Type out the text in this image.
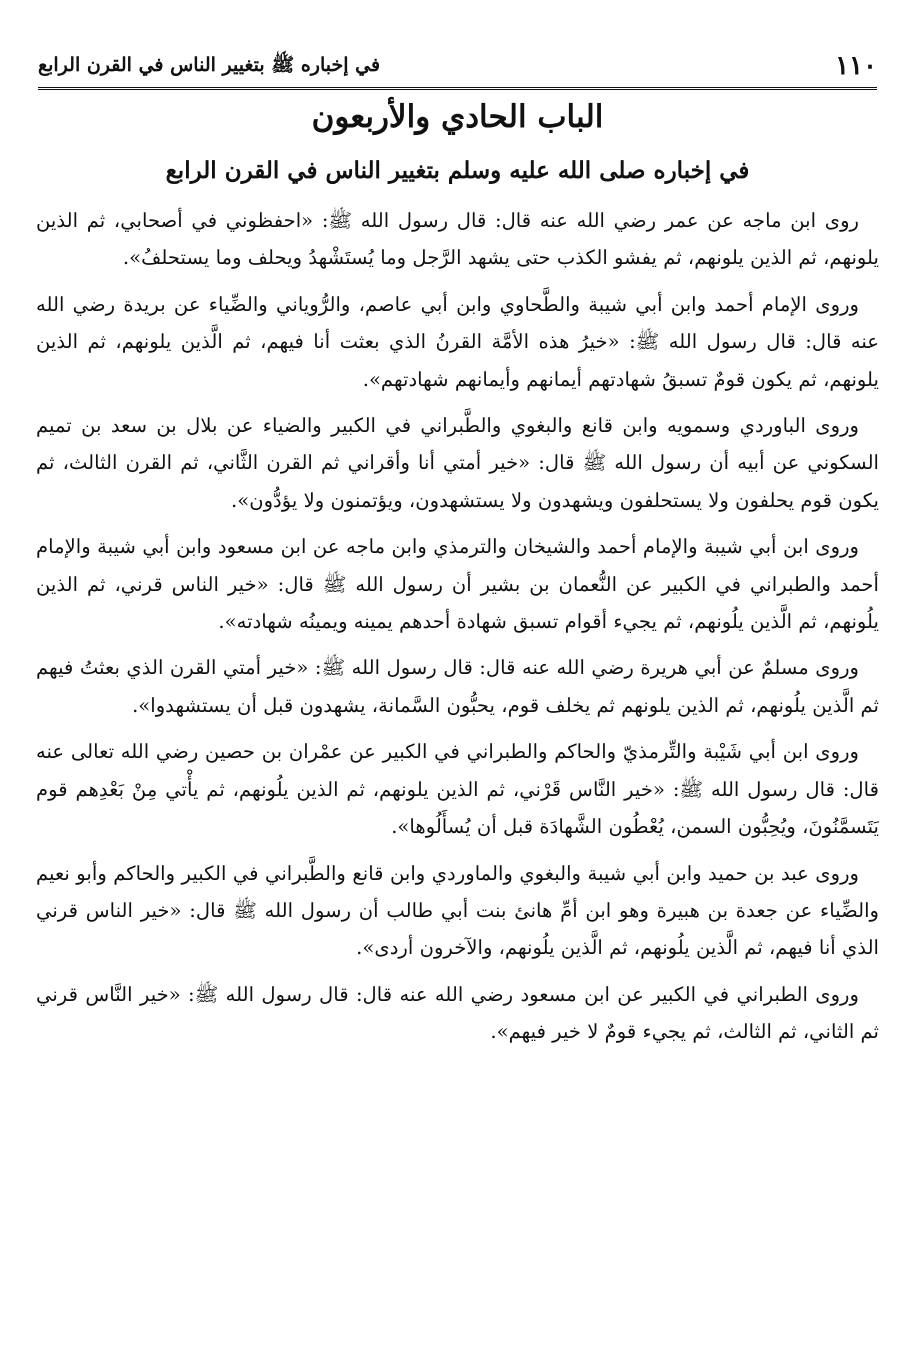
١١٠
في إخباره ﷺ بتغيير الناس في القرن الرابع
الباب الحادي والأربعون
في إخباره صلى الله عليه وسلم بتغيير الناس في القرن الرابع

روى ابن ماجه عن عمر رضي الله عنه قال: قال رسول الله ﷺ: «احفظوني في أصحابي، ثم الذين يلونهم، ثم الذين يلونهم، ثم يفشو الكذب حتى يشهد الرَّجل وما يُستَشْهدُ ويحلف وما يستحلفُ».

وروى الإمام أحمد وابن أبي شيبة والطَّحاوي وابن أبي عاصم، والرُّوياني والضِّياء عن بريدة رضي الله عنه قال: قال رسول الله ﷺ: «خيرُ هذه الأمَّة القرنُ الذي بعثت أنا فيهم، ثم الَّذين يلونهم، ثم الذين يلونهم، ثم يكون قومٌ تسبقُ شهادتهم أيمانهم وأيمانهم شهادتهم».

وروى الباوردي وسمويه وابن قانع والبغوي والطَّبراني في الكبير والضياء عن بلال بن سعد بن تميم السكوني عن أبيه أن رسول الله ﷺ قال: «خير أمتي أنا وأقراني ثم القرن الثَّاني، ثم القرن الثالث، ثم يكون قوم يحلفون ولا يستحلفون ويشهدون ولا يستشهدون، ويؤتمنون ولا يؤدُّون».

وروى ابن أبي شيبة والإمام أحمد والشيخان والترمذي وابن ماجه عن ابن مسعود وابن أبي شيبة والإمام أحمد والطبراني في الكبير عن النُّعمان بن بشير أن رسول الله ﷺ قال: «خير الناس قرني، ثم الذين يلُونهم، ثم الَّذين يلُونهم، ثم يجيء أقوام تسبق شهادة أحدهم يمينه ويمينُه شهادته».

وروى مسلمٌ عن أبي هريرة رضي الله عنه قال: قال رسول الله ﷺ: «خير أمتي القرن الذي بعثتُ فيهم ثم الَّذين يلُونهم، ثم الذين يلونهم ثم يخلف قوم، يحبُّون السَّمانة، يشهدون قبل أن يستشهدوا».

وروى ابن أبي شَيْبة والتِّرمذيّ والحاكم والطبراني في الكبير عن عمْران بن حصين رضي الله تعالى عنه قال: قال رسول الله ﷺ: «خير النَّاس قَرْني، ثم الذين يلونهم، ثم الذين يلُونهم، ثم يأْتي مِنْ بَعْدِهم قوم يَتَسمَّنُونَ، ويُحِبُّون السمن، يُعْطُون الشَّهادَة قبل أن يُسأَلُوها».

وروى عبد بن حميد وابن أبي شيبة والبغوي والماوردي وابن قانع والطَّبراني في الكبير والحاكم وأبو نعيم والضِّياء عن جعدة بن هبيرة وهو ابن أمِّ هانئ بنت أبي طالب أن رسول الله ﷺ قال: «خير الناس قرني الذي أنا فيهم، ثم الَّذين يلُونهم، ثم الَّذين يلُونهم، والآخرون أردى».

وروى الطبراني في الكبير عن ابن مسعود رضي الله عنه قال: قال رسول الله ﷺ: «خير النَّاس قرني ثم الثاني، ثم الثالث، ثم يجيء قومٌ لا خير فيهم».
